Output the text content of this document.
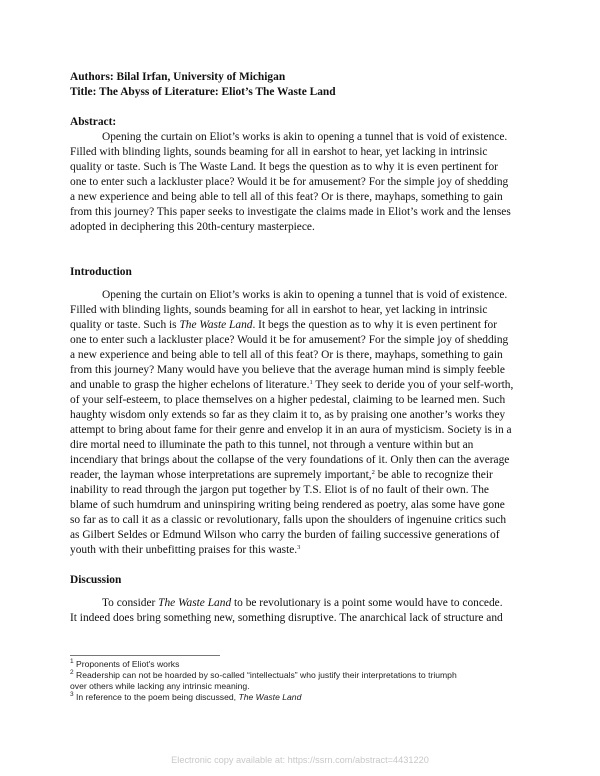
Authors: Bilal Irfan, University of Michigan
Title: The Abyss of Literature: Eliot’s The Waste Land
Abstract:
Opening the curtain on Eliot’s works is akin to opening a tunnel that is void of existence.
Filled with blinding lights, sounds beaming for all in earshot to hear, yet lacking in intrinsic
quality or taste. Such is The Waste Land. It begs the question as to why it is even pertinent for
one to enter such a lackluster place? Would it be for amusement? For the simple joy of shedding
a new experience and being able to tell all of this feat? Or is there, mayhaps, something to gain
from this journey? This paper seeks to investigate the claims made in Eliot’s work and the lenses
adopted in deciphering this 20th-century masterpiece.
Introduction
Opening the curtain on Eliot’s works is akin to opening a tunnel that is void of existence.
Filled with blinding lights, sounds beaming for all in earshot to hear, yet lacking in intrinsic
quality or taste. Such is The Waste Land. It begs the question as to why it is even pertinent for
one to enter such a lackluster place? Would it be for amusement? For the simple joy of shedding
a new experience and being able to tell all of this feat? Or is there, mayhaps, something to gain
from this journey? Many would have you believe that the average human mind is simply feeble
and unable to grasp the higher echelons of literature.$^1$ They seek to deride you of your self-worth,
of your self-esteem, to place themselves on a higher pedestal, claiming to be learned men. Such
haughty wisdom only extends so far as they claim it to, as by praising one another’s works they
attempt to bring about fame for their genre and envelop it in an aura of mysticism. Society is in a
dire mortal need to illuminate the path to this tunnel, not through a venture within but an
incendiary that brings about the collapse of the very foundations of it. Only then can the average
reader, the layman whose interpretations are supremely important,$^2$ be able to recognize their
inability to read through the jargon put together by T.S. Eliot is of no fault of their own. The
blame of such humdrum and uninspiring writing being rendered as poetry, alas some have gone
so far as to call it as a classic or revolutionary, falls upon the shoulders of ingenuine critics such
as Gilbert Seldes or Edmund Wilson who carry the burden of failing successive generations of
youth with their unbefitting praises for this waste.$^3$
Discussion
To consider The Waste Land to be revolutionary is a point some would have to concede.
It indeed does bring something new, something disruptive. The anarchical lack of structure and
$^1$ Proponents of Eliot's works
$^2$ Readership can not be hoarded by so-called “intellectuals” who justify their interpretations to triumph
over others while lacking any intrinsic meaning.
$^3$ In reference to the poem being discussed, The Waste Land
Electronic copy available at: https://ssrn.com/abstract=4431220
